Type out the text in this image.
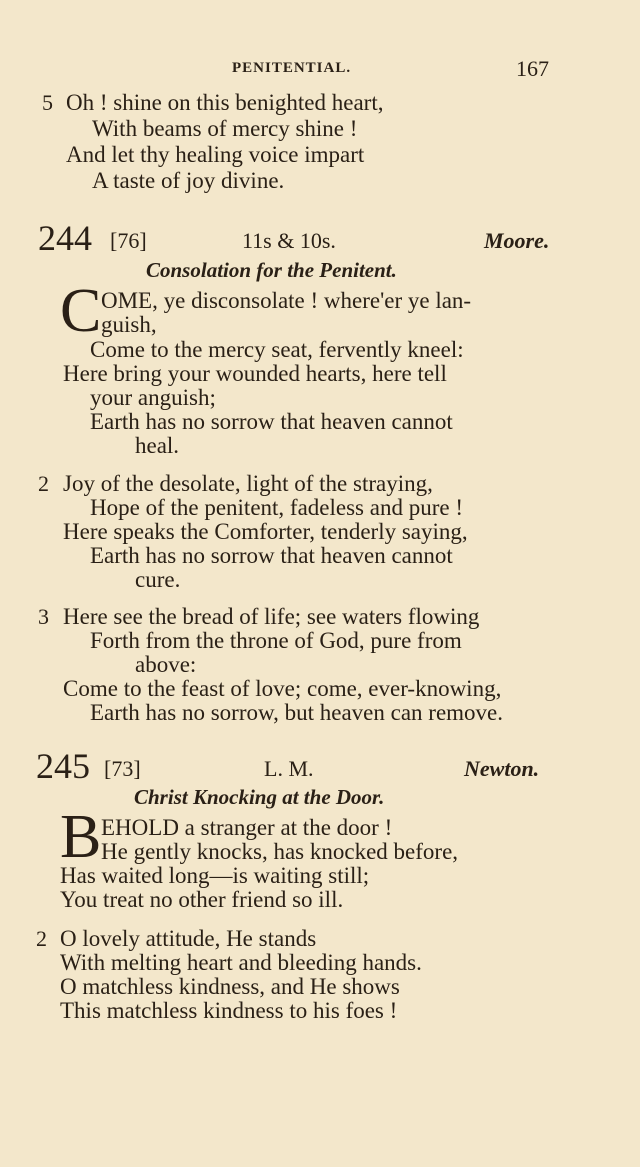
PENITENTIAL.	167
5 Oh ! shine on this benighted heart,
With beams of mercy shine !
And let thy healing voice impart
A taste of joy divine.
244 [76]	11s & 10s.	Moore.
Consolation for the Penitent.
C OME, ye disconsolate ! where'er ye lan-
guish,
Come to the mercy seat, fervently kneel:
Here bring your wounded hearts, here tell
your anguish;
Earth has no sorrow that heaven cannot
heal.
2 Joy of the desolate, light of the straying,
Hope of the penitent, fadeless and pure !
Here speaks the Comforter, tenderly saying,
Earth has no sorrow that heaven cannot
cure.
3 Here see the bread of life; see waters flowing
Forth from the throne of God, pure from
above:
Come to the feast of love; come, ever-knowing,
Earth has no sorrow, but heaven can remove.
245 [73]	L. M.	Newton.
Christ Knocking at the Door.
B EHOLD a stranger at the door !
He gently knocks, has knocked before,
Has waited long—is waiting still;
You treat no other friend so ill.
2 O lovely attitude, He stands
With melting heart and bleeding hands.
O matchless kindness, and He shows
This matchless kindness to his foes !
